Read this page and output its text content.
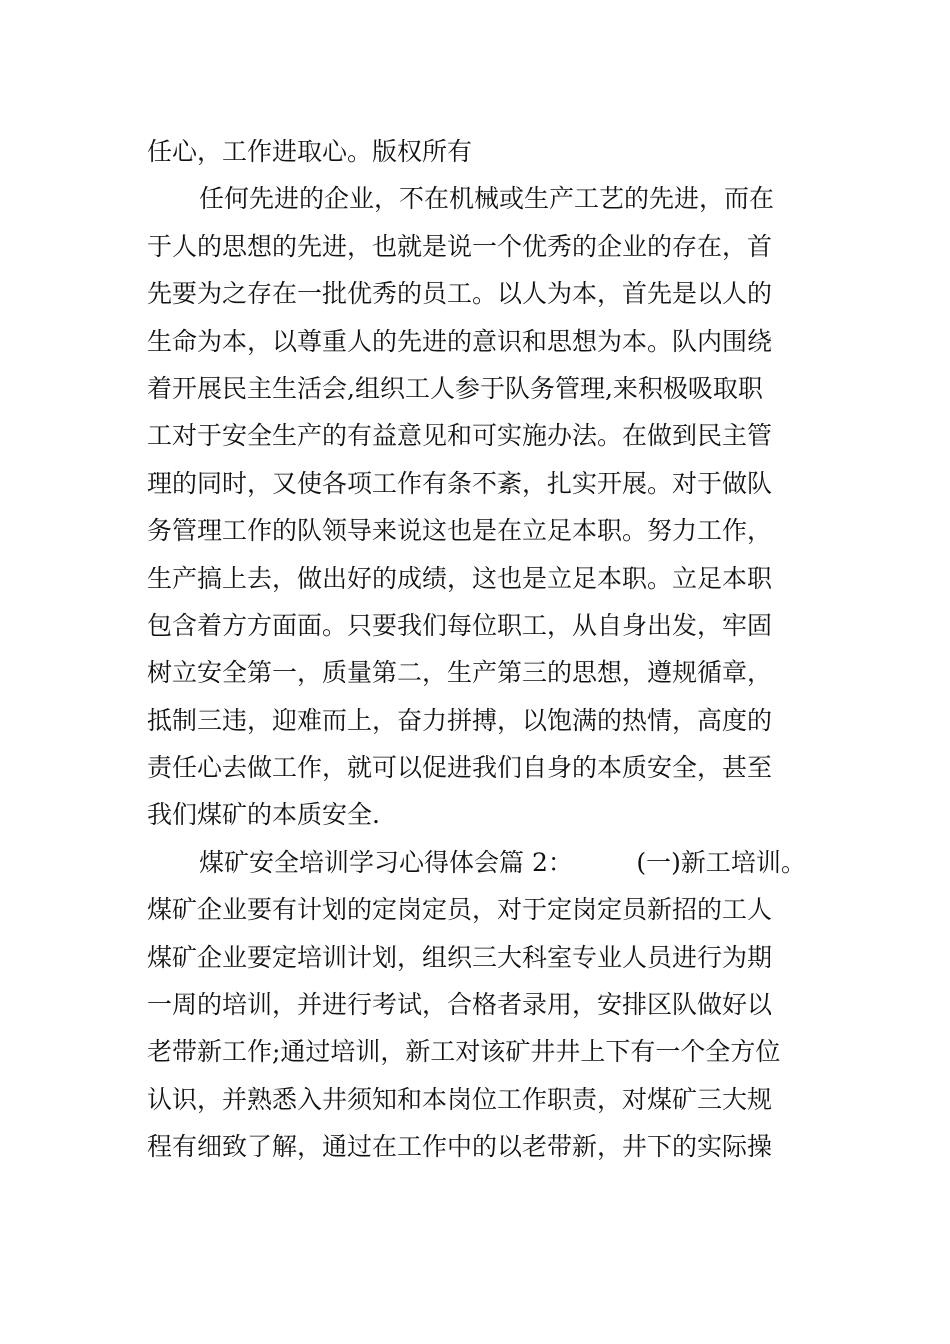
任心，工作进取心。版权所有
任何先进的企业，不在机械或生产工艺的先进，而在
于人的思想的先进，也就是说一个优秀的企业的存在，首
先要为之存在一批优秀的员工。以人为本，首先是以人的
生命为本，以尊重人的先进的意识和思想为本。队内围绕
着开展民主生活会,组织工人参于队务管理,来积极吸取职
工对于安全生产的有益意见和可实施办法。在做到民主管
理的同时，又使各项工作有条不紊，扎实开展。对于做队
务管理工作的队领导来说这也是在立足本职。努力工作，
生产搞上去，做出好的成绩，这也是立足本职。立足本职
包含着方方面面。只要我们每位职工，从自身出发，牢固
树立安全第一，质量第二，生产第三的思想，遵规循章，
抵制三违，迎难而上，奋力拼搏，以饱满的热情，高度的
责任心去做工作，就可以促进我们自身的本质安全，甚至
我们煤矿的本质安全.
煤矿安全培训学习心得体会篇 2：        (一)新工培训。
煤矿企业要有计划的定岗定员，对于定岗定员新招的工人
煤矿企业要定培训计划，组织三大科室专业人员进行为期
一周的培训，并进行考试，合格者录用，安排区队做好以
老带新工作;通过培训，新工对该矿井井上下有一个全方位
认识，并熟悉入井须知和本岗位工作职责，对煤矿三大规
程有细致了解，通过在工作中的以老带新，井下的实际操
